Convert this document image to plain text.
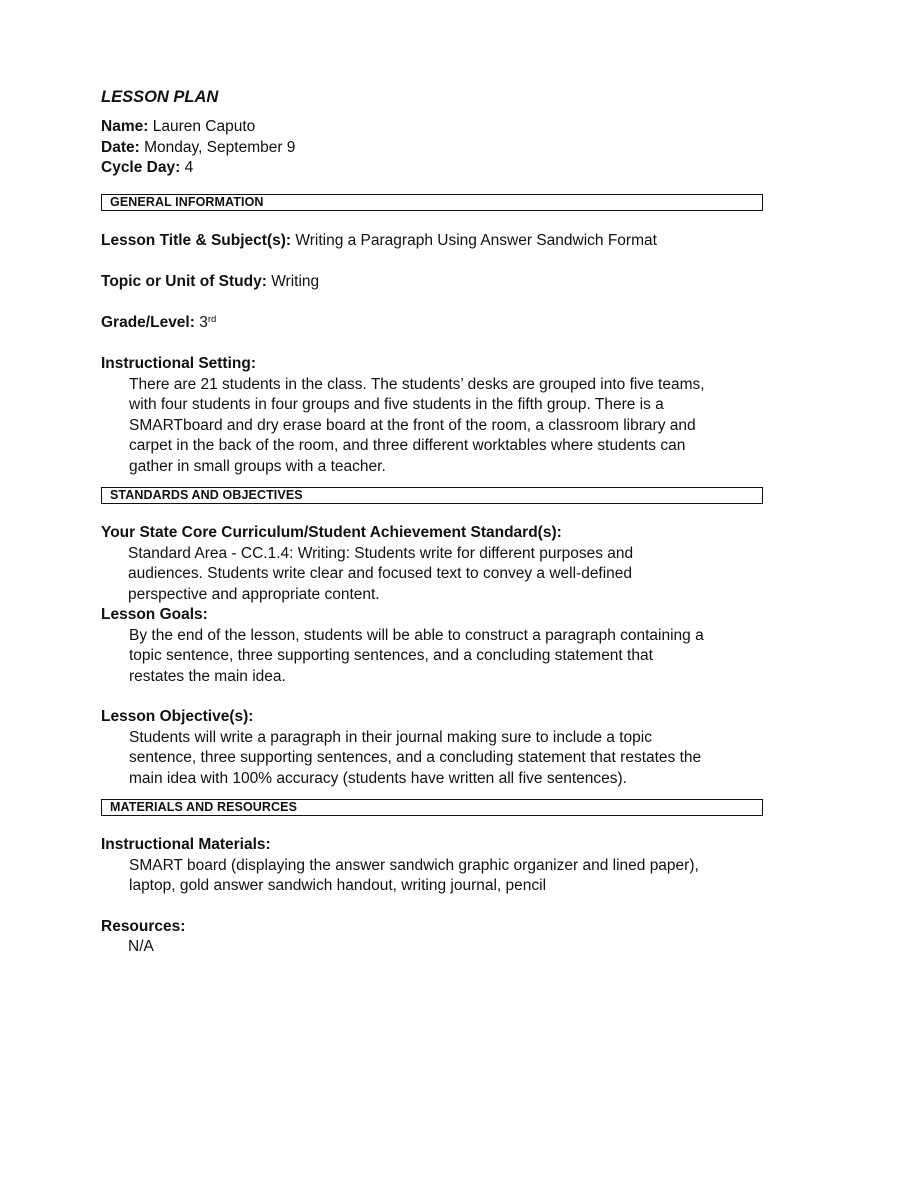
LESSON PLAN
Name: Lauren Caputo
Date: Monday, September 9
Cycle Day: 4
GENERAL INFORMATION
Lesson Title & Subject(s): Writing a Paragraph Using Answer Sandwich Format
Topic or Unit of Study: Writing
Grade/Level: 3rd
Instructional Setting:
There are 21 students in the class. The students’ desks are grouped into five teams,
with four students in four groups and five students in the fifth group. There is a
SMARTboard and dry erase board at the front of the room, a classroom library and
carpet in the back of the room, and three different worktables where students can
gather in small groups with a teacher.
STANDARDS AND OBJECTIVES
Your State Core Curriculum/Student Achievement Standard(s):
Standard Area - CC.1.4: Writing: Students write for different purposes and
audiences. Students write clear and focused text to convey a well-defined
perspective and appropriate content.
Lesson Goals:
By the end of the lesson, students will be able to construct a paragraph containing a
topic sentence, three supporting sentences, and a concluding statement that
restates the main idea.
Lesson Objective(s):
Students will write a paragraph in their journal making sure to include a topic
sentence, three supporting sentences, and a concluding statement that restates the
main idea with 100% accuracy (students have written all five sentences).
MATERIALS AND RESOURCES
Instructional Materials:
SMART board (displaying the answer sandwich graphic organizer and lined paper),
laptop, gold answer sandwich handout, writing journal, pencil
Resources:
N/A
